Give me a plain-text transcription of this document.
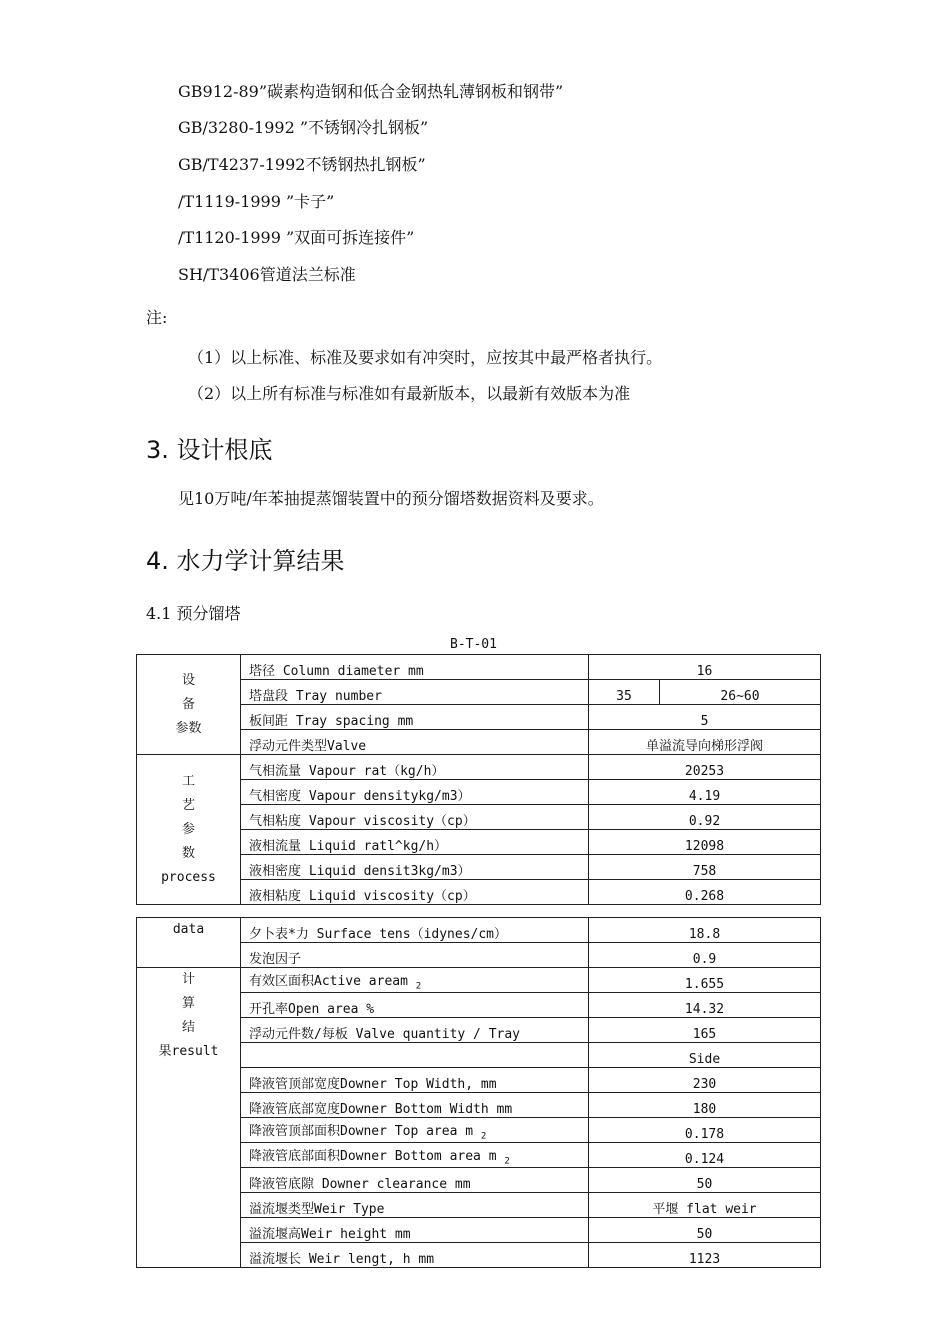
GB912-89”碳素构造钢和低合金钢热轧薄钢板和钢带”
GB/3280-1992 ”不锈钢冷扎钢板”
GB/T4237-1992不锈钢热扎钢板”
/T1119-1999 ”卡子”
/T1120-1999 ”双面可拆连接件”
SH/T3406管道法兰标准
注:
（1）以上标准、标准及要求如有冲突时，应按其中最严格者执行。
（2）以上所有标准与标准如有最新版本，以最新有效版本为准
3. 设计根底
见10万吨/年苯抽提蒸馏装置中的预分馏塔数据资料及要求。
4. 水力学计算结果
4.1 预分馏塔
B-T-01
设
备
参数	塔径 Column diameter mm	16	
	塔盘段 Tray number	35	26~60
	板间距 Tray spacing mm	5	
	浮动元件类型Valve	单溢流导向梯形浮阀	

工
艺
参
数
process	气相流量 Vapour rat（kg/h）	20253	
	气相密度 Vapour densitykg/m3）	4.19	
	气相粘度 Vapour viscosity（cp）	0.92	
	液相流量 Liquid ratl^kg/h）	12098	
	液相密度 Liquid densit3kg/m3）	758	
	液相粘度 Liquid viscosity（cp）	0.268	
data	夕卜表*力 Surface tens（idynes/cm）	18.8
	发泡因子	0.9

计
算
结
果result	有效区面积Active aream $_2$	1.655
	开孔率Open area %	14.32
	浮动元件数/每板 Valve quantity / Tray	165
		Side
	降液管顶部宽度Downer Top Width, mm	230
	降液管底部宽度Downer Bottom Width mm	180
	降液管顶部面积Downer Top area m $_2$	0.178
	降液管底部面积Downer Bottom area m $_2$	0.124
	降液管底隙 Downer clearance mm	50
	溢流堰类型Weir Type	平堰 flat weir
	溢流堰高Weir height mm	50
	溢流堰长 Weir lengt, h mm	1123
